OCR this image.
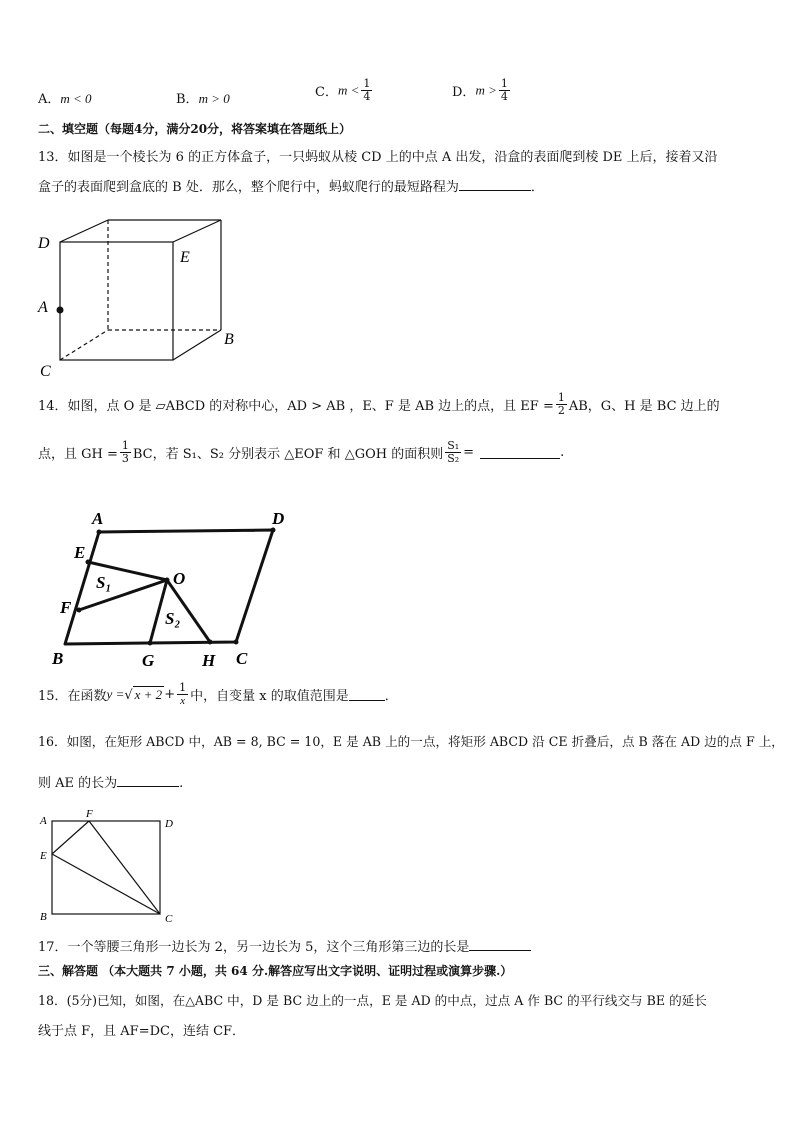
A．m < 0	B．m > 0	C．$m < \frac{1}{4}$	D．$m > \frac{1}{4}$
二、填空题（每题4分，满分20分，将答案填在答题纸上）
13．如图是一个棱长为 6 的正方体盒子，一只蚂蚁从棱 CD 上的中点 A 出发，沿盒的表面爬到棱 DE 上后，接着又沿
盒子的表面爬到盒底的 B 处．那么，整个爬行中，蚂蚁爬行的最短路程为	．
D
E
A
C
B
14．如图，点 O 是 ▱ABCD 的对称中心，AD > AB ，E、F 是 AB 边上的点，且 EF = $\frac{1}{2}$ AB，G、H 是 BC 边上的
点，且 GH = $\frac{1}{3}$ BC，若 S₁、S₂ 分别表示 △EOF 和 △GOH 的面积则 $\frac{\text{S₁}}{\text{S₂}}$ =	.
A	D
E
S₁	O
F
S₂
B	G	H C
15．在函数y =√ $x + 2 + \frac{1}{x}$ 中，自变量 x 的取值范围是	．
16．如图，在矩形 ABCD 中，AB = 8, BC = 10，E 是 AB 上的一点，将矩形 ABCD 沿 CE 折叠后，点 B 落在 AD 边的点 F 上，
则 AE 的长为	.
A
F
D
E
B	C
17．一个等腰三角形一边长为 2，另一边长为 5，这个三角形第三边的长是
三、解答题 （本大题共 7 小题，共 64 分.解答应写出文字说明、证明过程或演算步骤.）
18．(5分)已知，如图，在△ABC 中，D 是 BC 边上的一点，E 是 AD 的中点，过点 A 作 BC 的平行线交与 BE 的延长
线于点 F，且 AF=DC，连结 CF．
